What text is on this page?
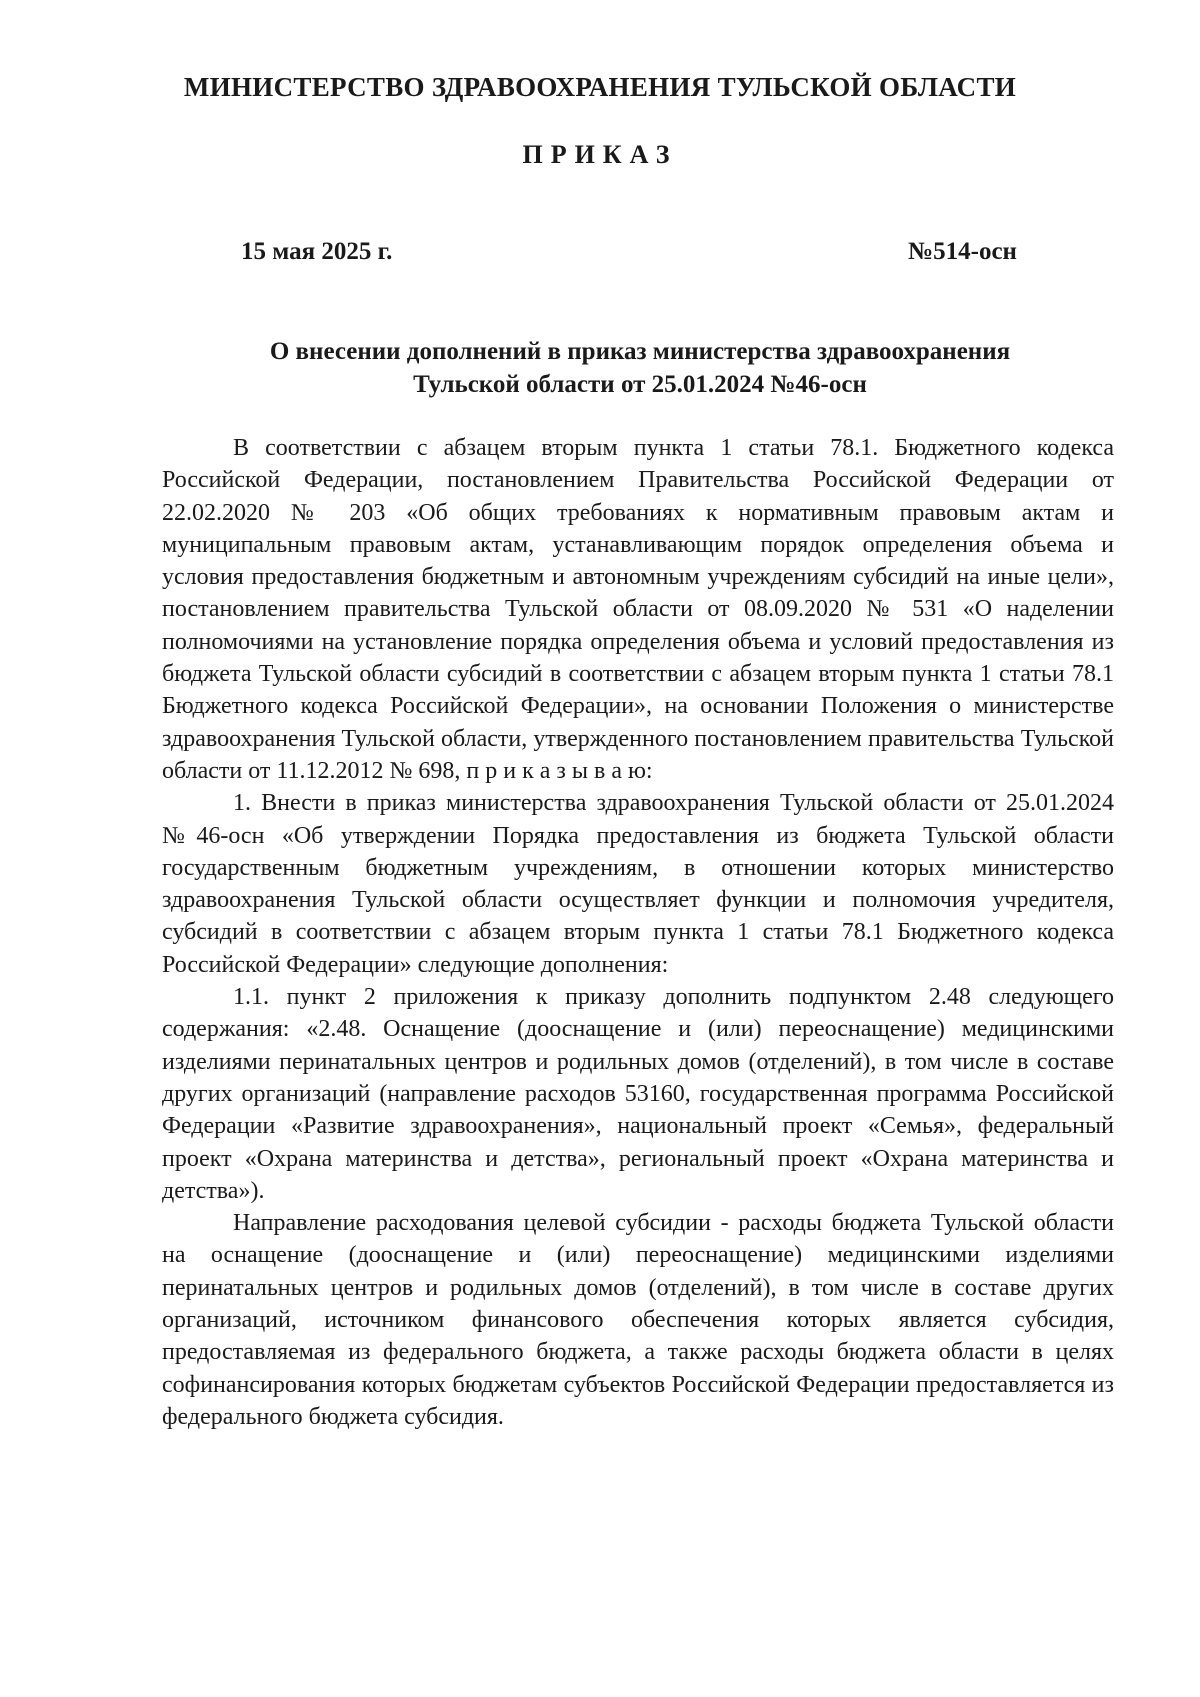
МИНИСТЕРСТВО ЗДРАВООХРАНЕНИЯ ТУЛЬСКОЙ ОБЛАСТИ
ПРИКАЗ
15 мая 2025 г.	№514-осн
О внесении дополнений в приказ министерства здравоохранения
Тульской области от 25.01.2024 №46-осн

В соответствии с абзацем вторым пункта 1 статьи 78.1. Бюджетного кодекса Российской Федерации, постановлением Правительства Российской Федерации от 22.02.2020 № 203 «Об общих требованиях к нормативным правовым актам и муниципальным правовым актам, устанавливающим порядок определения объема и условия предоставления бюджетным и автономным учреждениям субсидий на иные цели», постановлением правительства Тульской области от 08.09.2020 № 531 «О наделении полномочиями на установление порядка определения объема и условий предоставления из бюджета Тульской области субсидий в соответствии с абзацем вторым пункта 1 статьи 78.1 Бюджетного кодекса Российской Федерации», на основании Положения о министерстве здравоохранения Тульской области, утвержденного постановлением правительства Тульской области от 11.12.2012 № 698, п р и к а з ы в а ю:

1. Внести в приказ министерства здравоохранения Тульской области от 25.01.2024 №46-осн «Об утверждении Порядка предоставления из бюджета Тульской области государственным бюджетным учреждениям, в отношении которых министерство здравоохранения Тульской области осуществляет функции и полномочия учредителя, субсидий в соответствии с абзацем вторым пункта 1 статьи 78.1 Бюджетного кодекса Российской Федерации» следующие дополнения:

1.1. пункт 2 приложения к приказу дополнить подпунктом 2.48 следующего содержания: «2.48. Оснащение (дооснащение и (или) переоснащение) медицинскими изделиями перинатальных центров и родильных домов (отделений), в том числе в составе других организаций (направление расходов 53160, государственная программа Российской Федерации «Развитие здравоохранения», национальный проект «Семья», федеральный проект «Охрана материнства и детства», региональный проект «Охрана материнства и детства»).

Направление расходования целевой субсидии - расходы бюджета Тульской области на оснащение (дооснащение и (или) переоснащение) медицинскими изделиями перинатальных центров и родильных домов (отделений), в том числе в составе других организаций, источником финансового обеспечения которых является субсидия, предоставляемая из федерального бюджета, а также расходы бюджета области в целях софинансирования которых бюджетам субъектов Российской Федерации предоставляется из федерального бюджета субсидия.
